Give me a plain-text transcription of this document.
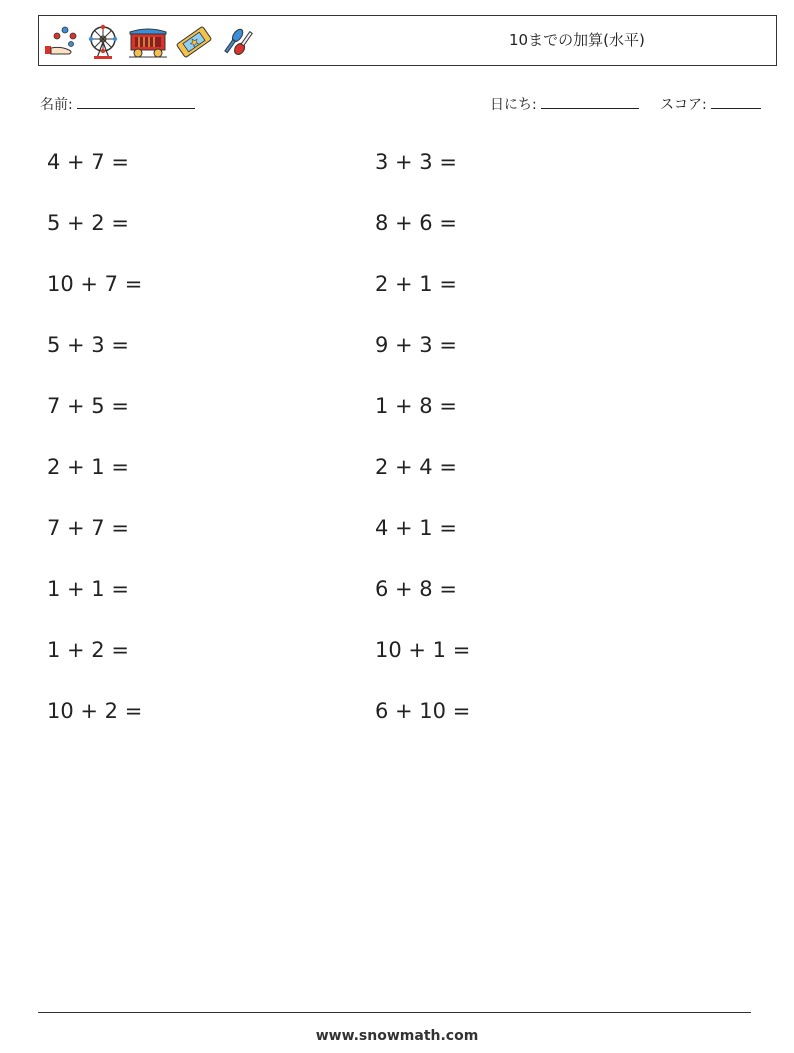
10までの加算(水平)
名前:	日にち:	スコア:
4 + 7 =
5 + 2 =
10 + 7 =
5 + 3 =
7 + 5 =
2 + 1 =
7 + 7 =
1 + 1 =
1 + 2 =
10 + 2 =
3 + 3 =
8 + 6 =
2 + 1 =
9 + 3 =
1 + 8 =
2 + 4 =
4 + 1 =
6 + 8 =
10 + 1 =
6 + 10 =
www.snowmath.com
